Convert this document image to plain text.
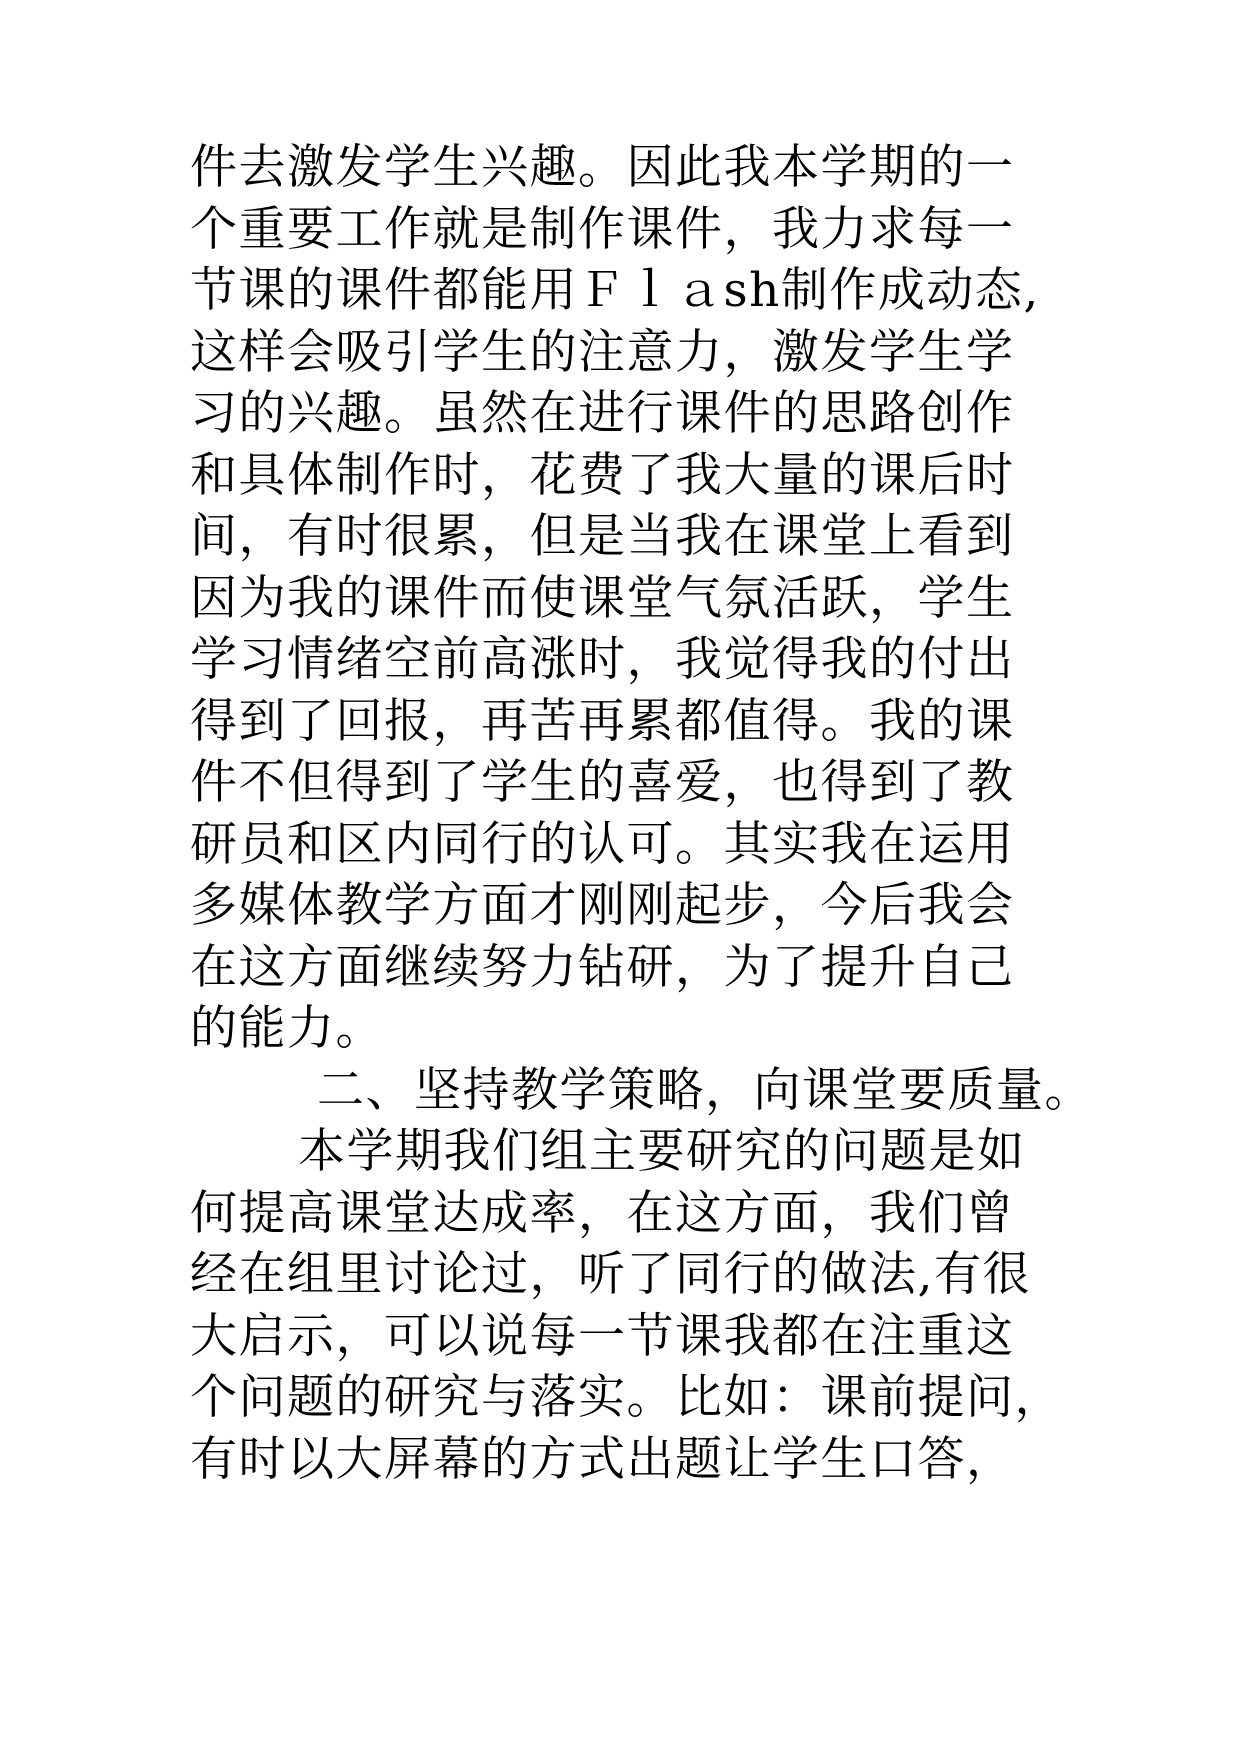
件去激发学生兴趣。因此我本学期的一
个重要工作就是制作课件，我力求每一
节课的课件都能用Ｆｌａsh制作成动态,
这样会吸引学生的注意力，激发学生学
习的兴趣。虽然在进行课件的思路创作
和具体制作时，花费了我大量的课后时
间，有时很累，但是当我在课堂上看到
因为我的课件而使课堂气氛活跃，学生
学习情绪空前高涨时，我觉得我的付出
得到了回报，再苦再累都值得。我的课
件不但得到了学生的喜爱，也得到了教
研员和区内同行的认可。其实我在运用
多媒体教学方面才刚刚起步，今后我会
在这方面继续努力钻研，为了提升自己
的能力。
二、坚持教学策略，向课堂要质量。
本学期我们组主要研究的问题是如
何提高课堂达成率，在这方面，我们曾
经在组里讨论过，听了同行的做法,有很
大启示，可以说每一节课我都在注重这
个问题的研究与落实。比如：课前提问，
有时以大屏幕的方式出题让学生口答，
